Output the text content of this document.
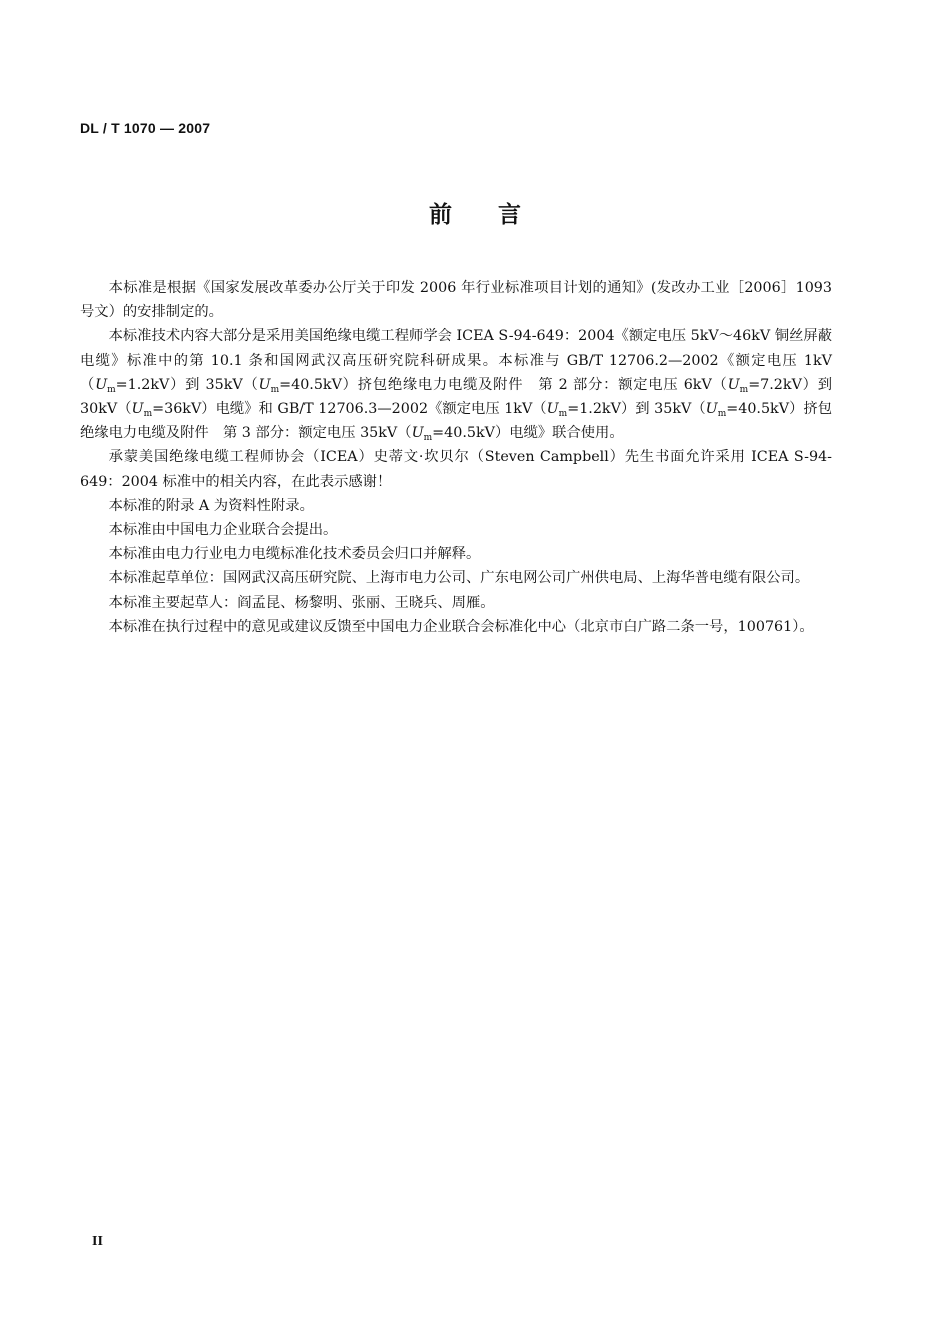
DL / T 1070 — 2007
前言

本标准是根据《国家发展改革委办公厅关于印发 2006 年行业标准项目计划的通知》(发改办工业［2006］1093 号文）的安排制定的。

本标准技术内容大部分是采用美国绝缘电缆工程师学会 ICEA S-94-649：2004《额定电压 5kV～46kV 铜丝屏蔽电缆》标准中的第 10.1 条和国网武汉高压研究院科研成果。本标准与 GB/T 12706.2—2002《额定电压 $1kV(U_m=1.2kV)$到 $35kV(U_m=40.5kV)$挤包绝缘电力电缆及附件　第 2 部分：额定电压 $6kV(U_m=7.2kV)$到 $30kV(U_m=36kV)$电缆》和 GB/T 12706.3—2002《额定电压 $1kV(U_m=1.2kV)$到 $35kV(U_m=40.5kV)$挤包绝缘电力电缆及附件　第 3 部分：额定电压 $35kV(U_m=40.5kV)$电缆》联合使用。

承蒙美国绝缘电缆工程师协会（ICEA）史蒂文·坎贝尔（Steven Campbell）先生书面允许采用 ICEA S-94-649：2004 标准中的相关内容，在此表示感谢！

本标准的附录 A 为资料性附录。

本标准由中国电力企业联合会提出。

本标准由电力行业电力电缆标准化技术委员会归口并解释。

本标准起草单位：国网武汉高压研究院、上海市电力公司、广东电网公司广州供电局、上海华普电缆有限公司。

本标准主要起草人：阎孟昆、杨黎明、张丽、王晓兵、周雁。

本标准在执行过程中的意见或建议反馈至中国电力企业联合会标准化中心（北京市白广路二条一号，100761）。

II
